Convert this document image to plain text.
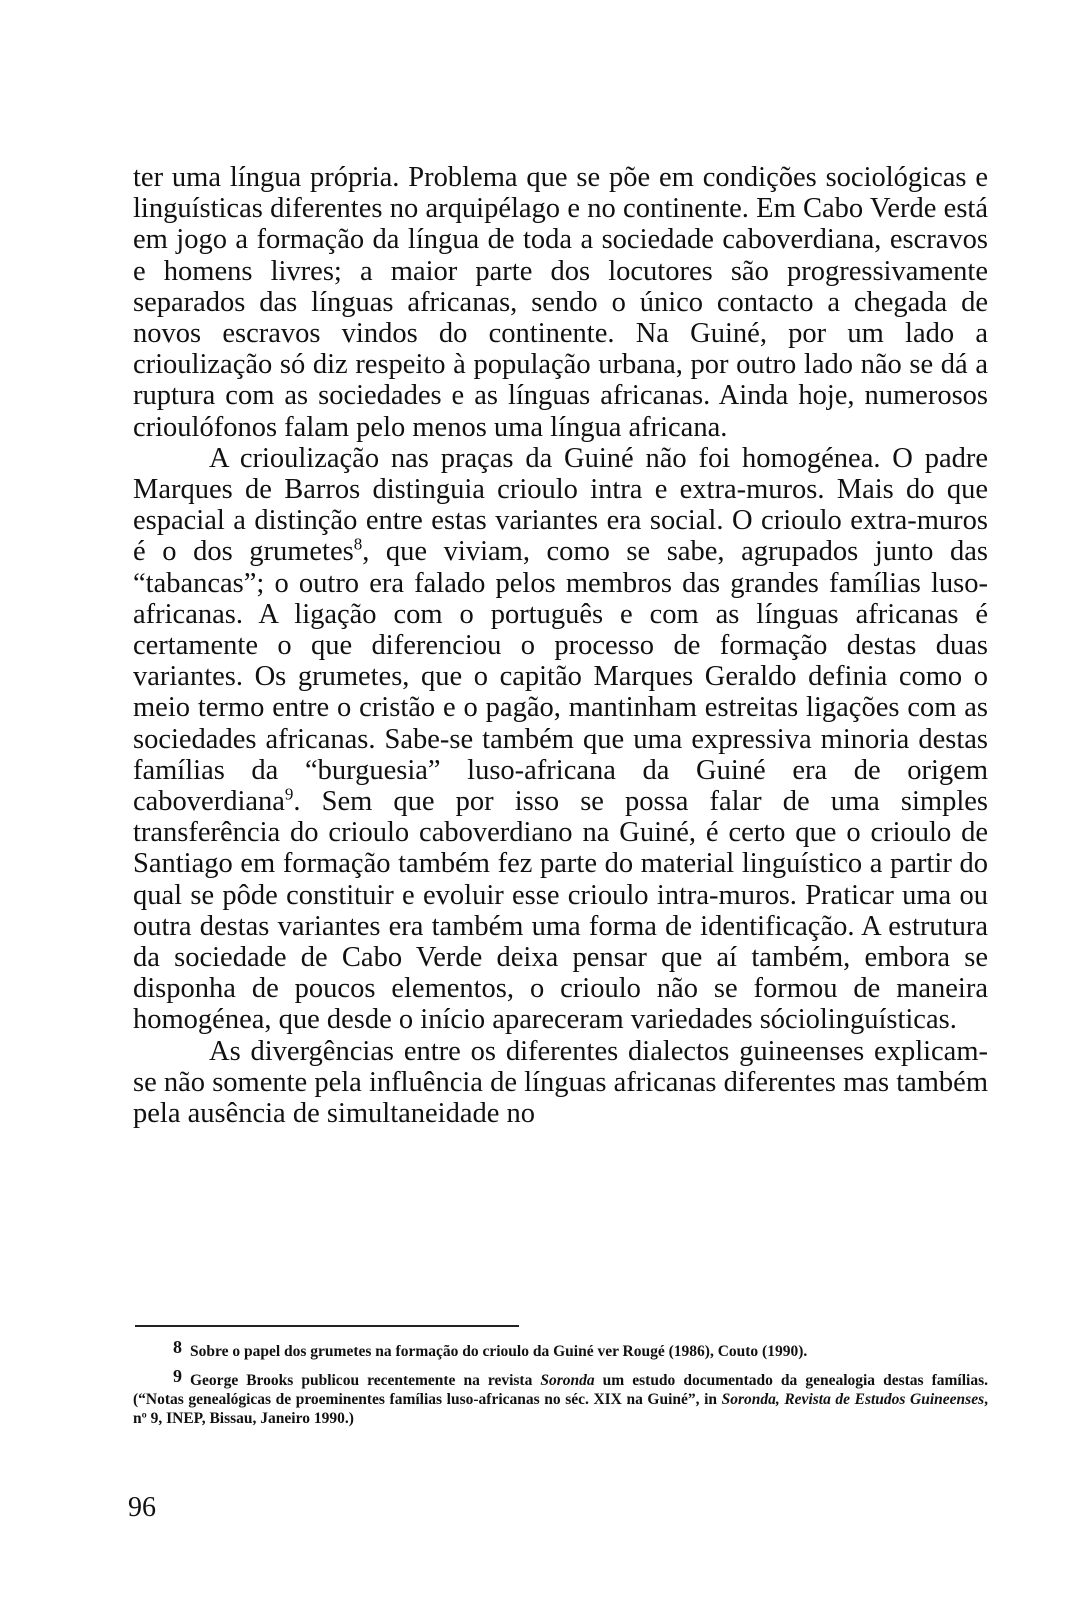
ter uma língua própria. Problema que se põe em condições sociológicas e linguísticas diferentes no arquipélago e no continente. Em Cabo Verde está em jogo a formação da língua de toda a sociedade caboverdiana, escravos e homens livres; a maior parte dos locutores são progressivamente separados das línguas africanas, sendo o único contacto a chegada de novos escravos vindos do continente. Na Guiné, por um lado a crioulização só diz respeito à população urbana, por outro lado não se dá a ruptura com as sociedades e as línguas africanas. Ainda hoje, numerosos crioulófonos falam pelo menos uma língua africana.

A crioulização nas praças da Guiné não foi homogénea. O padre Marques de Barros distinguia crioulo intra e extra-muros. Mais do que espacial a distinção entre estas variantes era social. O crioulo extra-muros é o dos grumetes$^8$, que viviam, como se sabe, agrupados junto das “tabancas”; o outro era falado pelos membros das grandes famílias luso-africanas. A ligação com o português e com as línguas africanas é certamente o que diferenciou o processo de formação destas duas variantes. Os grumetes, que o capitão Marques Geraldo definia como o meio termo entre o cristão e o pagão, mantinham estreitas ligações com as sociedades africanas. Sabe-se também que uma expressiva minoria destas famílias da “burguesia” luso-africana da Guiné era de origem caboverdiana$^9$. Sem que por isso se possa falar de uma simples transferência do crioulo caboverdiano na Guiné, é certo que o crioulo de Santiago em formação também fez parte do material linguístico a partir do qual se pôde constituir e evoluir esse crioulo intra-muros. Praticar uma ou outra destas variantes era também uma forma de identificação. A estrutura da sociedade de Cabo Verde deixa pensar que aí também, embora se disponha de poucos elementos, o crioulo não se formou de maneira homogénea, que desde o início apareceram variedades sóciolinguísticas.

As divergências entre os diferentes dialectos guineenses explicam-se não somente pela influência de línguas africanas diferentes mas também pela ausência de simultaneidade no

8 Sobre o papel dos grumetes na formação do crioulo da Guiné ver Rougé (1986), Couto (1990).

9 George Brooks publicou recentemente na revista Soronda um estudo documentado da genealogia destas famílias. (“Notas genealógicas de proeminentes famílias luso-africanas no séc. XIX na Guiné”, in Soronda, Revista de Estudos Guineenses, nº 9, INEP, Bissau, Janeiro 1990.)

96
